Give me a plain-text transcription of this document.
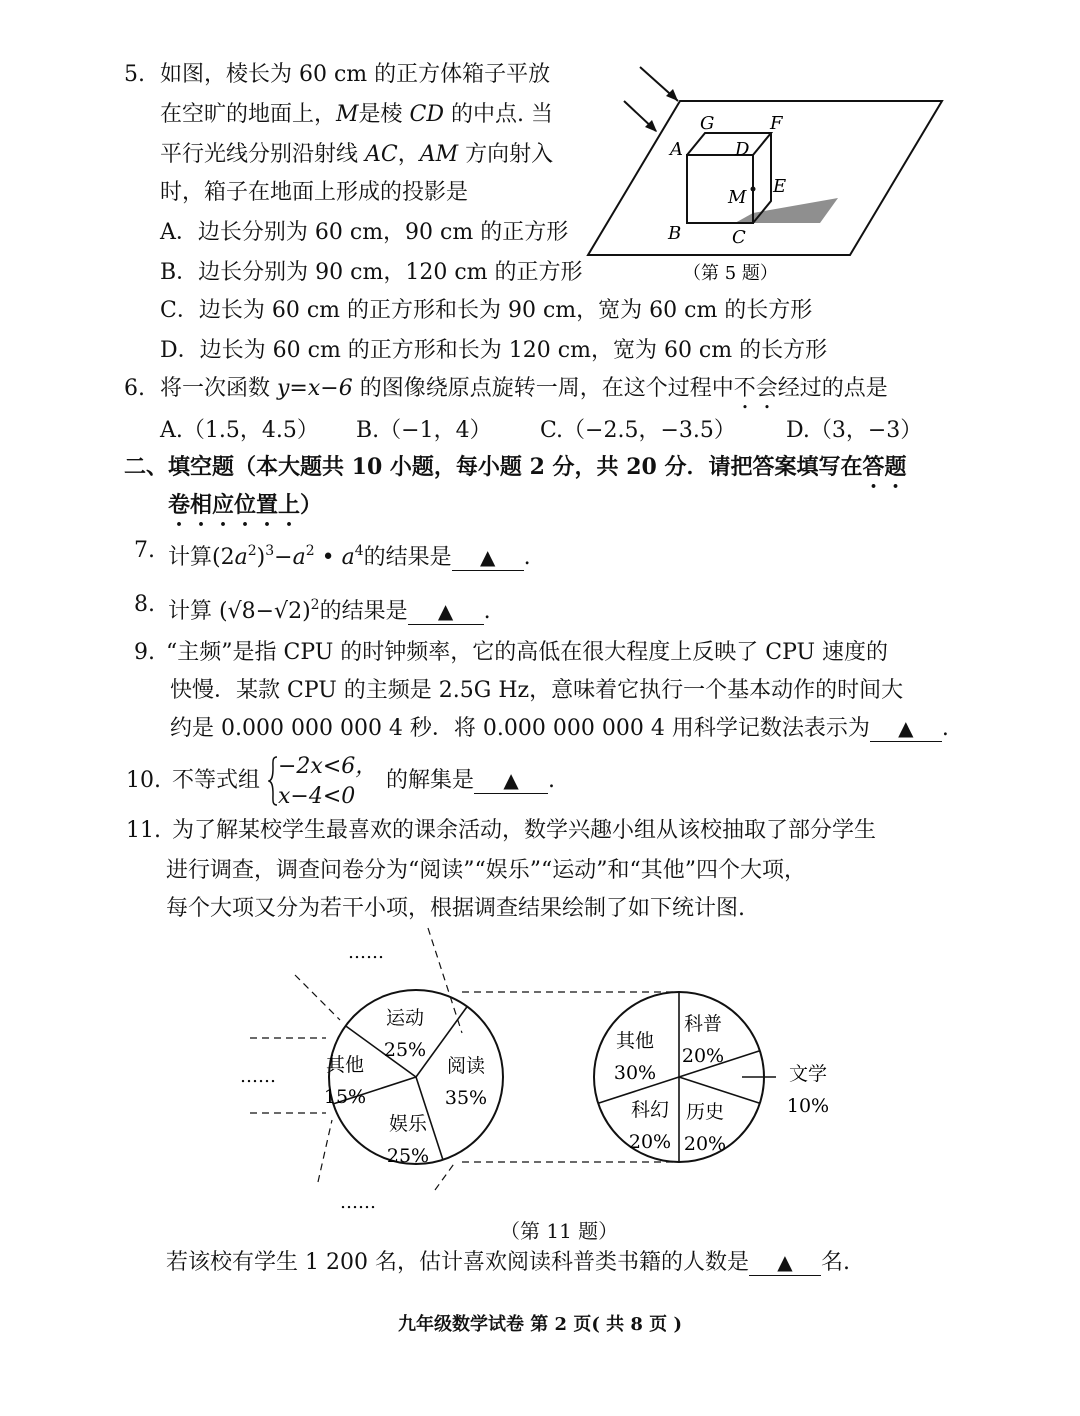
5. 如图，棱长为 60 cm 的正方体箱子平放
在空旷的地面上，M是棱 CD 的中点. 当
平行光线分别沿射线 AC，AM 方向射入
时，箱子在地面上形成的投影是
A．边长分别为 60 cm，90 cm 的正方形
B．边长分别为 90 cm，120 cm 的正方形
C．边长为 60 cm 的正方形和长为 90 cm，宽为 60 cm 的长方形
D．边长为 60 cm 的正方形和长为 120 cm，宽为 60 cm 的长方形
G	F
A	D
M
E
B	C
（第 5 题）
6. 将一次函数 y=x−6 的图像绕原点旋转一周，在这个过程中不会经过的点是
A.（1.5，4.5） B.（−1，4） C.（−2.5，−3.5） D.（3，−3）
二、填空题（本大题共 10 小题，每小题 2 分，共 20 分．请把答案填写在答题
卷相应位置上）
7. 计算$(2a^2)^3-a^2$ • $a^4$的结果是 ▲ .
8. 计算 $(√8-√2)^2$的结果是 ▲ .
9. “主频”是指 CPU 的时钟频率，它的高低在很大程度上反映了 CPU 速度的
快慢．某款 CPU 的主频是 2.5G Hz，意味着它执行一个基本动作的时间大
约是 0.000 000 000 4 秒．将 0.000 000 000 4 用科学记数法表示为 ▲ .
10. 不等式组
−2x<6，
x−4<0
的解集是 ▲ .
11. 为了解某校学生最喜欢的课余活动，数学兴趣小组从该校抽取了部分学生
进行调查，调查问卷分为“阅读”“娱乐”“运动”和“其他”四个大项，
每个大项又分为若干小项，根据调查结果绘制了如下统计图.
……
……
……
运动
25%
阅读
35%
娱乐
25%
其他
15%
科普
20%
文学
10%
历史
20%
科幻
20%
其他
30%
（第 11 题）
若该校有学生 1 200 名，估计喜欢阅读科普类书籍的人数是 ▲ 名.
九年级数学试卷 第 2 页( 共 8 页 )
